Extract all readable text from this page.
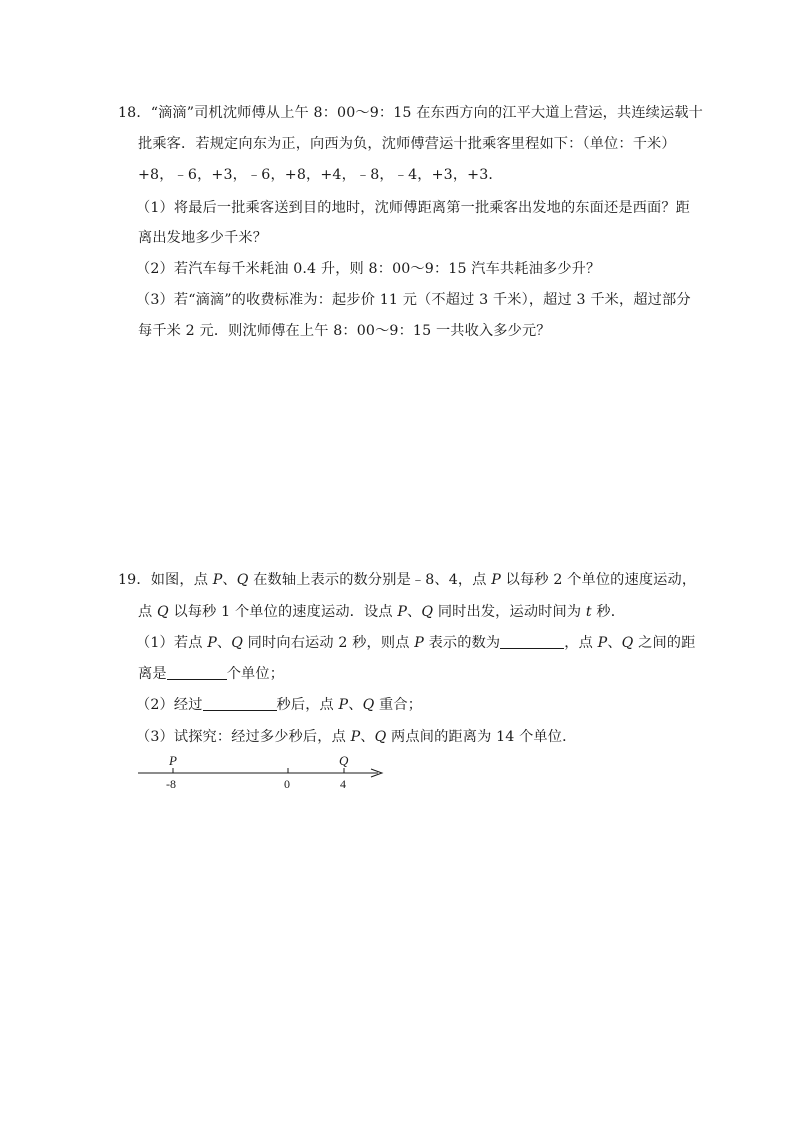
18．“滴滴”司机沈师傅从上午 8：00～9：15 在东西方向的江平大道上营运，共连续运载十
批乘客．若规定向东为正，向西为负，沈师傅营运十批乘客里程如下：（单位：千米）
+8，﹣6，+3，﹣6，+8，+4，﹣8，﹣4，+3，+3．
（1）将最后一批乘客送到目的地时，沈师傅距离第一批乘客出发地的东面还是西面？距
离出发地多少千米？
（2）若汽车每千米耗油 0.4 升，则 8：00～9：15 汽车共耗油多少升？
（3）若“滴滴”的收费标准为：起步价 11 元（不超过 3 千米），超过 3 千米，超过部分
每千米 2 元．则沈师傅在上午 8：00～9：15 一共收入多少元？
19．如图，点 P、Q 在数轴上表示的数分别是﹣8、4，点 P 以每秒 2 个单位的速度运动，
点 Q 以每秒 1 个单位的速度运动．设点 P、Q 同时出发，运动时间为 t 秒．
（1）若点 P、Q 同时向右运动 2 秒，则点 P 表示的数为	，点 P、Q 之间的距
离是	个单位；
（2）经过	秒后，点 P、Q 重合；
（3）试探究：经过多少秒后，点 P、Q 两点间的距离为 14 个单位．
P	Q
-8	0	4
